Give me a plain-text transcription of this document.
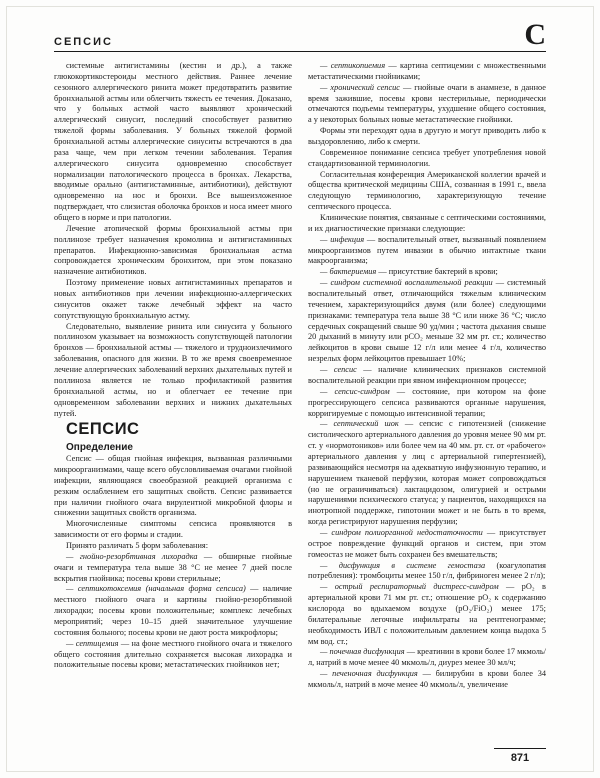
СЕПСИС	С

системные антигистамины (кестин и др.), а также глюкокортикостероиды местного действия. Раннее лечение сезонного аллергического ринита может предотвратить развитие бронхиальной астмы или облегчить тяжесть ее течения. Доказано, что у больных астмой часто выявляют хронический аллергический синусит, последний способствует развитию тяжелой формы заболевания. У больных тяжелой формой бронхиальной астмы аллергические синуситы встречаются в два раза чаще, чем при легком течении заболевания. Терапия аллергического синусита одновременно способствует нормализации патологического процесса в бронхах. Лекарства, вводимые орально (антигистаминные, антибиотики), действуют одновременно на нос и бронхи. Все вышеизложенное подтверждает, что слизистая оболочка бронхов и носа имеет много общего в норме и при патологии.

Лечение атопической формы бронхиальной астмы при поллинозе требует назначения кромолина и антигистаминных препаратов. Инфекционно-зависимая бронхиальная астма сопровождается хроническим бронхитом, при этом показано назначение антибиотиков.

Поэтому применение новых антигистаминных препаратов и новых антибиотиков при лечении инфекционно-аллергических синуситов окажет также лечебный эффект на часто сопутствующую бронхиальную астму.

Следовательно, выявление ринита или синусита у больного поллинозом указывает на возможность сопутствующей патологии бронхов — бронхиальной астмы — тяжелого и трудноизлечимого заболевания, опасного для жизни. В то же время своевременное лечение аллергических заболеваний верхних дыхательных путей и поллиноза является не только профилактикой развития бронхиальной астмы, но и облегчает ее течение при одновременном заболевании верхних и нижних дыхательных путей.

СЕПСИС

Определение

Сепсис — общая гнойная инфекция, вызванная различными микроорганизмами, чаще всего обусловливаемая очагами гнойной инфекции, являющаяся своеобразной реакцией организма с резким ослаблением его защитных свойств. Сепсис развивается при наличии гнойного очага вирулентной микробной флоры и снижении защитных свойств организма.

Многочисленные симптомы сепсиса проявляются в зависимости от его формы и стадии.

Принято различать 5 форм заболевания:

— гнойно-резорбтивная лихорадка — обширные гнойные очаги и температура тела выше 38 °С не менее 7 дней после вскрытия гнойника; посевы крови стерильные;

— септикотоксемия (начальная форма сепсиса) — наличие местного гнойного очага и картины гнойно-резорбтивной лихорадки; посевы крови положительные; комплекс лечебных мероприятий; через 10–15 дней значительное улучшение состояния больного; посевы крови не дают роста микрофлоры;

— септицемия — на фоне местного гнойного очага и тяжелого общего состояния длительно сохраняется высокая лихорадка и положительные посевы крови; метастатических гнойников нет;

— септикопиемия — картина септицемии с множественными метастатическими гнойниками;

— хронический сепсис — гнойные очаги в анамнезе, в данное время зажившие, посевы крови нестерильные, периодически отмечаются подъемы температуры, ухудшение общего состояния, а у некоторых больных новые метастатические гнойники.

Формы эти переходят одна в другую и могут приводить либо к выздоровлению, либо к смерти.

Современное понимание сепсиса требует употребления новой стандартизованной терминологии.

Согласительная конференция Американской коллегии врачей и общества критической медицины США, созванная в 1991 г., ввела следующую терминологию, характеризующую течение септического процесса.

Клинические понятия, связанные с септическими состояниями, и их диагностические признаки следующие:

— инфекция — воспалительный ответ, вызванный появлением микроорганизмов путем инвазии в обычно интактные ткани макроорганизма;

— бактериемия — присутствие бактерий в крови;

— синдром системной воспалительной реакции — системный воспалительный ответ, отличающийся тяжелым клиническим течением, характеризующийся двумя (или более) следующими признаками: температура тела выше 38 °С или ниже 36 °С; число сердечных сокращений свыше 90 уд/мин ; частота дыхания свыше 20 дыханий в минуту или рСО₂ меньше 32 мм рт. ст.; количество лейкоцитов в крови свыше 12 г/л или менее 4 г/л, количество незрелых форм лейкоцитов превышает 10%;

— сепсис — наличие клинических признаков системной воспалительной реакции при явном инфекционном процессе;

— сепсис-синдром — состояние, при котором на фоне прогрессирующего сепсиса развиваются органные нарушения, корригируемые с помощью интенсивной терапии;

— септический шок — сепсис с гипотензией (снижение систолического артериального давления до уровня менее 90 мм рт. ст. у «нормотоников» или более чем на 40 мм. рт. ст. от «рабочего» артериального давления у лиц с артериальной гипертензией), развивающийся несмотря на адекватную инфузионную терапию, и нарушением тканевой перфузии, которая может сопровождаться (но не ограничиваться) лактацидозом, олигурией и острыми нарушениями психического статуса; у пациентов, находящихся на инотропной поддержке, гипотонии может и не быть в то время, когда регистрируют нарушения перфузии;

— синдром полиорганной недостаточности — присутствует острое повреждение функций органов и систем, при этом гомеостаз не может быть сохранен без вмешательств;

— дисфункция в системе гемостаза (коагулопатия потребления): тромбоциты менее 150 г/л, фибриноген менее 2 г/л);

— острый респираторный дистресс-синдром — рО₂ в артериальной крови 71 мм рт. ст.; отношение рО₂ к содержанию кислорода во вдыхаемом воздухе (рО₂/FiО₂) менее 175; билатеральные легочные инфильтраты на рентгенограмме; необходимость ИВЛ с положительным давлением конца выдоха 5 мм вод. ст.;

— почечная дисфункция — креатинин в крови более 17 мкмоль/л, натрий в моче менее 40 мкмоль/л, диурез менее 30 мл/ч;

— печеночная дисфункция — билирубин в крови более 34 мкмоль/л, натрий в моче менее 40 мкмоль/л, увеличение

871
